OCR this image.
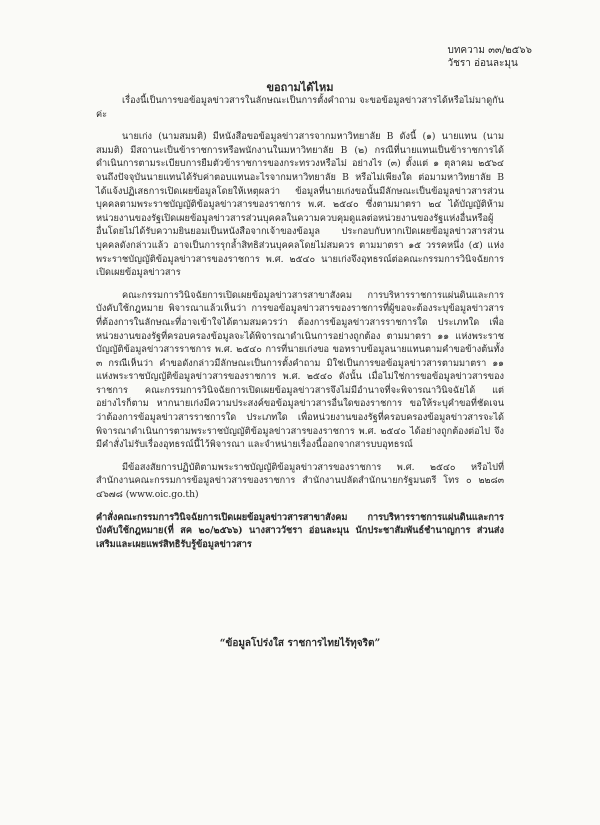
บทความ ๓๓/๒๕๖๖
วัชรา อ่อนละมุน
ขอถามได้ไหม

เรื่องนี้เป็นการขอข้อมูลข่าวสารในลักษณะเป็นการตั้งคำถาม จะขอข้อมูลข่าวสารได้หรือไม่มาดูกันค่ะ

นายเก่ง (นามสมมติ) มีหนังสือขอข้อมูลข่าวสารจากมหาวิทยาลัย B ดังนี้ (๑) นายแทน (นามสมมติ) มีสถานะเป็นข้าราชการหรือพนักงานในมหาวิทยาลัย B (๒) กรณีที่นายแทนเป็นข้าราชการได้ดำเนินการตามระเบียบการยืมตัวข้าราชการของกระทรวงหรือไม่ อย่างไร (๓) ตั้งแต่ ๑ ตุลาคม ๒๕๖๔ จนถึงปัจจุบันนายแทนได้รับค่าตอบแทนอะไรจากมหาวิทยาลัย B หรือไม่เพียงใด ต่อมามหาวิทยาลัย B ได้แจ้งปฏิเสธการเปิดเผยข้อมูลโดยให้เหตุผลว่า ข้อมูลที่นายเก่งขอนั้นมีลักษณะเป็นข้อมูลข่าวสารส่วนบุคคลตามพระราชบัญญัติข้อมูลข่าวสารของราชการ พ.ศ. ๒๕๔๐ ซึ่งตามมาตรา ๒๔ ได้บัญญัติห้ามหน่วยงานของรัฐเปิดเผยข้อมูลข่าวสารส่วนบุคคลในความควบคุมดูแลต่อหน่วยงานของรัฐแห่งอื่นหรือผู้อื่นโดยไม่ได้รับความยินยอมเป็นหนังสือจากเจ้าของข้อมูล ประกอบกับหากเปิดเผยข้อมูลข่าวสารส่วนบุคคลดังกล่าวแล้ว อาจเป็นการรุกล้ำสิทธิส่วนบุคคลโดยไม่สมควร ตามมาตรา ๑๕ วรรคหนึ่ง (๕) แห่งพระราชบัญญัติข้อมูลข่าวสารของราชการ พ.ศ. ๒๕๔๐ นายเก่งจึงอุทธรณ์ต่อคณะกรรมการวินิจฉัยการเปิดเผยข้อมูลข่าวสาร

คณะกรรมการวินิจฉัยการเปิดเผยข้อมูลข่าวสารสาขาสังคม การบริหารราชการแผ่นดินและการบังคับใช้กฎหมาย พิจารณาแล้วเห็นว่า การขอข้อมูลข่าวสารของราชการที่ผู้ขอจะต้องระบุข้อมูลข่าวสารที่ต้องการในลักษณะที่อาจเข้าใจได้ตามสมควรว่า ต้องการข้อมูลข่าวสารราชการใด ประเภทใด เพื่อหน่วยงานของรัฐที่ครอบครองข้อมูลจะได้พิจารณาดำเนินการอย่างถูกต้อง ตามมาตรา ๑๑ แห่งพระราชบัญญัติข้อมูลข่าวสารราชการ พ.ศ. ๒๕๔๐ การที่นายเก่งขอ ขอทราบข้อมูลนายแทนตามคำขอข้างต้นทั้ง ๓ กรณีเห็นว่า คำขอดังกล่าวมีลักษณะเป็นการตั้งคำถาม มิใช่เป็นการขอข้อมูลข่าวสารตามมาตรา ๑๑ แห่งพระราชบัญญัติข้อมูลข่าวสารของราชการ พ.ศ. ๒๕๔๐ ดังนั้น เมื่อไม่ใช่การขอข้อมูลข่าวสารของราชการ คณะกรรมการวินิจฉัยการเปิดเผยข้อมูลข่าวสารจึงไม่มีอำนาจที่จะพิจารณาวินิจฉัยได้ แต่อย่างไรก็ตาม หากนายเก่งมีความประสงค์ขอข้อมูลข่าวสารอื่นใดของราชการ ขอให้ระบุคำขอที่ชัดเจนว่าต้องการข้อมูลข่าวสารราชการใด ประเภทใด เพื่อหน่วยงานของรัฐที่ครอบครองข้อมูลข่าวสารจะได้พิจารณาดำเนินการตามพระราชบัญญัติข้อมูลข่าวสารของราชการ พ.ศ. ๒๕๔๐ ได้อย่างถูกต้องต่อไป จึงมีคำสั่งไม่รับเรื่องอุทธรณ์นี้ไว้พิจารณา และจำหน่ายเรื่องนี้ออกจากสารบบอุทธรณ์

มีข้อสงสัยการปฏิบัติตามพระราชบัญญัติข้อมูลข่าวสารของราชการ พ.ศ. ๒๕๔๐ หรือไปที่สำนักงานคณะกรรมการข้อมูลข่าวสารของราชการ สำนักงานปลัดสำนักนายกรัฐมนตรี โทร ๐ ๒๒๘๓ ๔๖๗๘ (www.oic.go.th)

คำสั่งคณะกรรมการวินิจฉัยการเปิดเผยข้อมูลข่าวสารสาขาสังคม การบริหารราชการแผ่นดินและการบังคับใช้กฎหมาย(ที่ สค ๒๐/๒๕๖๖) นางสาววัชรา อ่อนละมุน นักประชาสัมพันธ์ชำนาญการ ส่วนส่งเสริมและเผยแพร่สิทธิรับรู้ข้อมูลข่าวสาร

“ข้อมูลโปร่งใส ราชการไทยไร้ทุจริต”
